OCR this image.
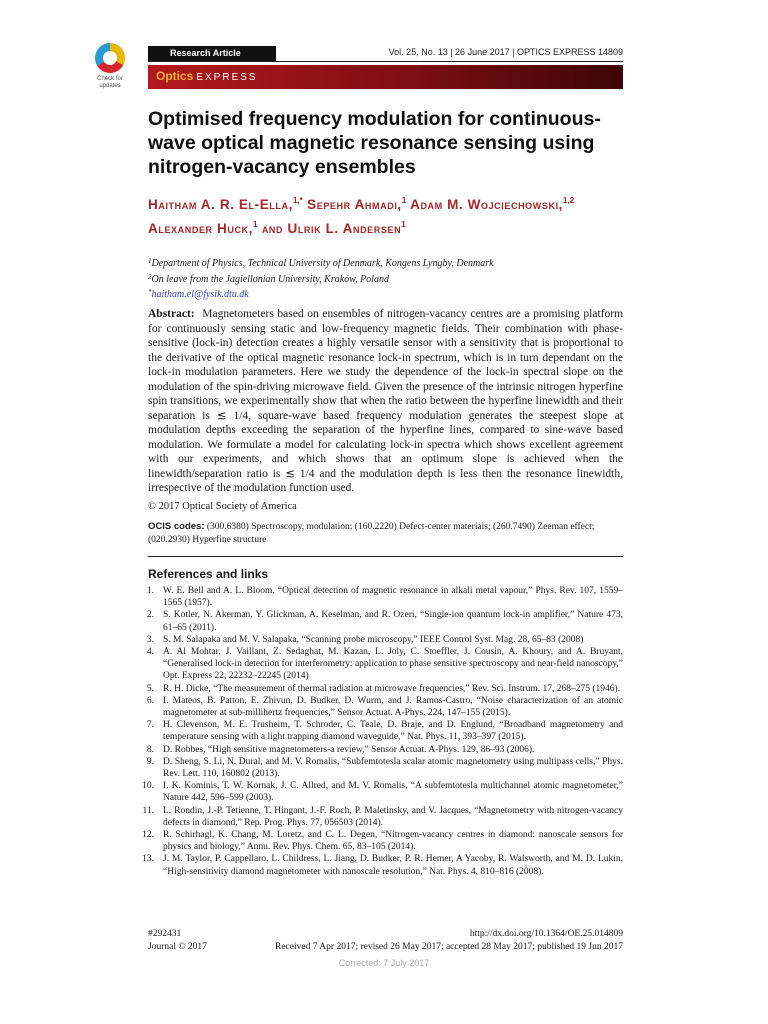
Check for
updates
Research Article	Vol. 25, No. 13 | 26 June 2017 | OPTICS EXPRESS 14809
Optics EXPRESS
Optimised frequency modulation for continuous-wave optical magnetic resonance sensing using nitrogen-vacancy ensembles

Haitham A. R. El-Ella,$^{1,*}$ Sepehr Ahmadi,$^1$ Adam M. Wojciechowski,$^{1,2}$ Alexander Huck,$^1$ and Ulrik L. Andersen$^1$

$^1$Department of Physics, Technical University of Denmark, Kongens Lyngby, Denmark
$^2$On leave from the Jagiellonian University, Kraków, Poland
*haitham.el@fysik.dtu.dk

Abstract: Magnetometers based on ensembles of nitrogen-vacancy centres are a promising platform for continuously sensing static and low-frequency magnetic fields. Their combination with phase-sensitive (lock-in) detection creates a highly versatile sensor with a sensitivity that is proportional to the derivative of the optical magnetic resonance lock-in spectrum, which is in turn dependant on the lock-in modulation parameters. Here we study the dependence of the lock-in spectral slope on the modulation of the spin-driving microwave field. Given the presence of the intrinsic nitrogen hyperfine spin transitions, we experimentally show that when the ratio between the hyperfine linewidth and their separation is ≲ 1/4, square-wave based frequency modulation generates the steepest slope at modulation depths exceeding the separation of the hyperfine lines, compared to sine-wave based modulation. We formulate a model for calculating lock-in spectra which shows excellent agreement with our experiments, and which shows that an optimum slope is achieved when the linewidth/separation ratio is ≲ 1/4 and the modulation depth is less then the resonance linewidth, irrespective of the modulation function used.

© 2017 Optical Society of America
OCIS codes: (300.6380) Spectroscopy, modulation; (160.2220) Defect-center materials; (260.7490) Zeeman effect; (020.2930) Hyperfine structure
References and links
1. W. E. Bell and A. L. Bloom, “Optical detection of magnetic resonance in alkali metal vapour,” Phys. Rev. 107, 1559–1565 (1957).
2. S. Kotler, N. Akerman, Y. Glickman, A. Keselman, and R. Ozeri, “Single-ion quantum lock-in amplifier,” Nature 473, 61–65 (2011).
3. S. M. Salapaka and M. V. Salapaka, “Scanning probe microscopy,” IEEE Control Syst. Mag. 28, 65–83 (2008)
4. A. Al Mohtar, J. Vaillant, Z. Sedaghat, M. Kazan, L. Joly, C. Stoeffler, J. Cousin, A. Khoury, and A. Bruyant, “Generalised lock-in detection for interferometry: application to phase sensitive spectroscopy and near-field nanoscopy,” Opt. Express 22, 22232–22245 (2014)
5. R. H. Dicke, “The measurement of thermal radiation at microwave frequencies,” Rev. Sci. Instrum. 17, 268–275 (1946).
6. I. Mateos, B. Patton, E. Zhivun, D. Budker, D. Wurm, and J. Ramos-Castro, “Noise characterization of an atomic magnetometer at sub-millihertz frequencies,” Sensor Actuat. A-Phys. 224, 147–155 (2015).
7. H. Clevenson, M. E. Trusheim, T. Schroder, C. Teale, D. Braje, and D. Englund, “Broadband magnetometry and temperature sensing with a light trapping diamond waveguide,” Nat. Phys. 11, 393–397 (2015).
8. D. Robbes, “High sensitive magnetometers-a review,” Sensor Actuat. A-Phys. 129, 86–93 (2006).
9. D. Sheng, S. Li, N. Dural, and M. V. Romalis, “Subfemtotesla scalar atomic magnetometry using multipass cells,” Phys. Rev. Lett. 110, 160802 (2013).
10. I. K. Kominis, T. W. Kornak, J. C. Allred, and M. V. Romalis, “A subfemtotesla multichannel atomic magnetometer,” Nature 442, 596–599 (2003).
11. L. Rondin, J.-P. Tetienne, T. Hingant, J.-F. Roch, P. Maletinsky, and V. Jacques, “Magnetometry with nitrogen-vacancy defects in diamond,” Rep. Prog. Phys. 77, 056503 (2014).
12. R. Schirhagl, K. Chang, M. Loretz, and C. L. Degen, “Nitrogen-vacancy centres in diamond: nanoscale sensors for physics and biology,” Annu. Rev. Phys. Chem. 65, 83–105 (2014).
13. J. M. Taylor, P. Cappellaro, L. Childress, L. Jiang, D. Budker, P. R. Hemer, A Yacoby, R. Walsworth, and M. D. Lukin, “High-sensitivity diamond magnetometer with nanoscale resolution,” Nat. Phys. 4, 810–816 (2008).
#292431
Journal © 2017
http://dx.doi.org/10.1364/OE.25.014809
Received 7 Apr 2017; revised 26 May 2017; accepted 28 May 2017; published 19 Jun 2017
Corrected: 7 July 2017
